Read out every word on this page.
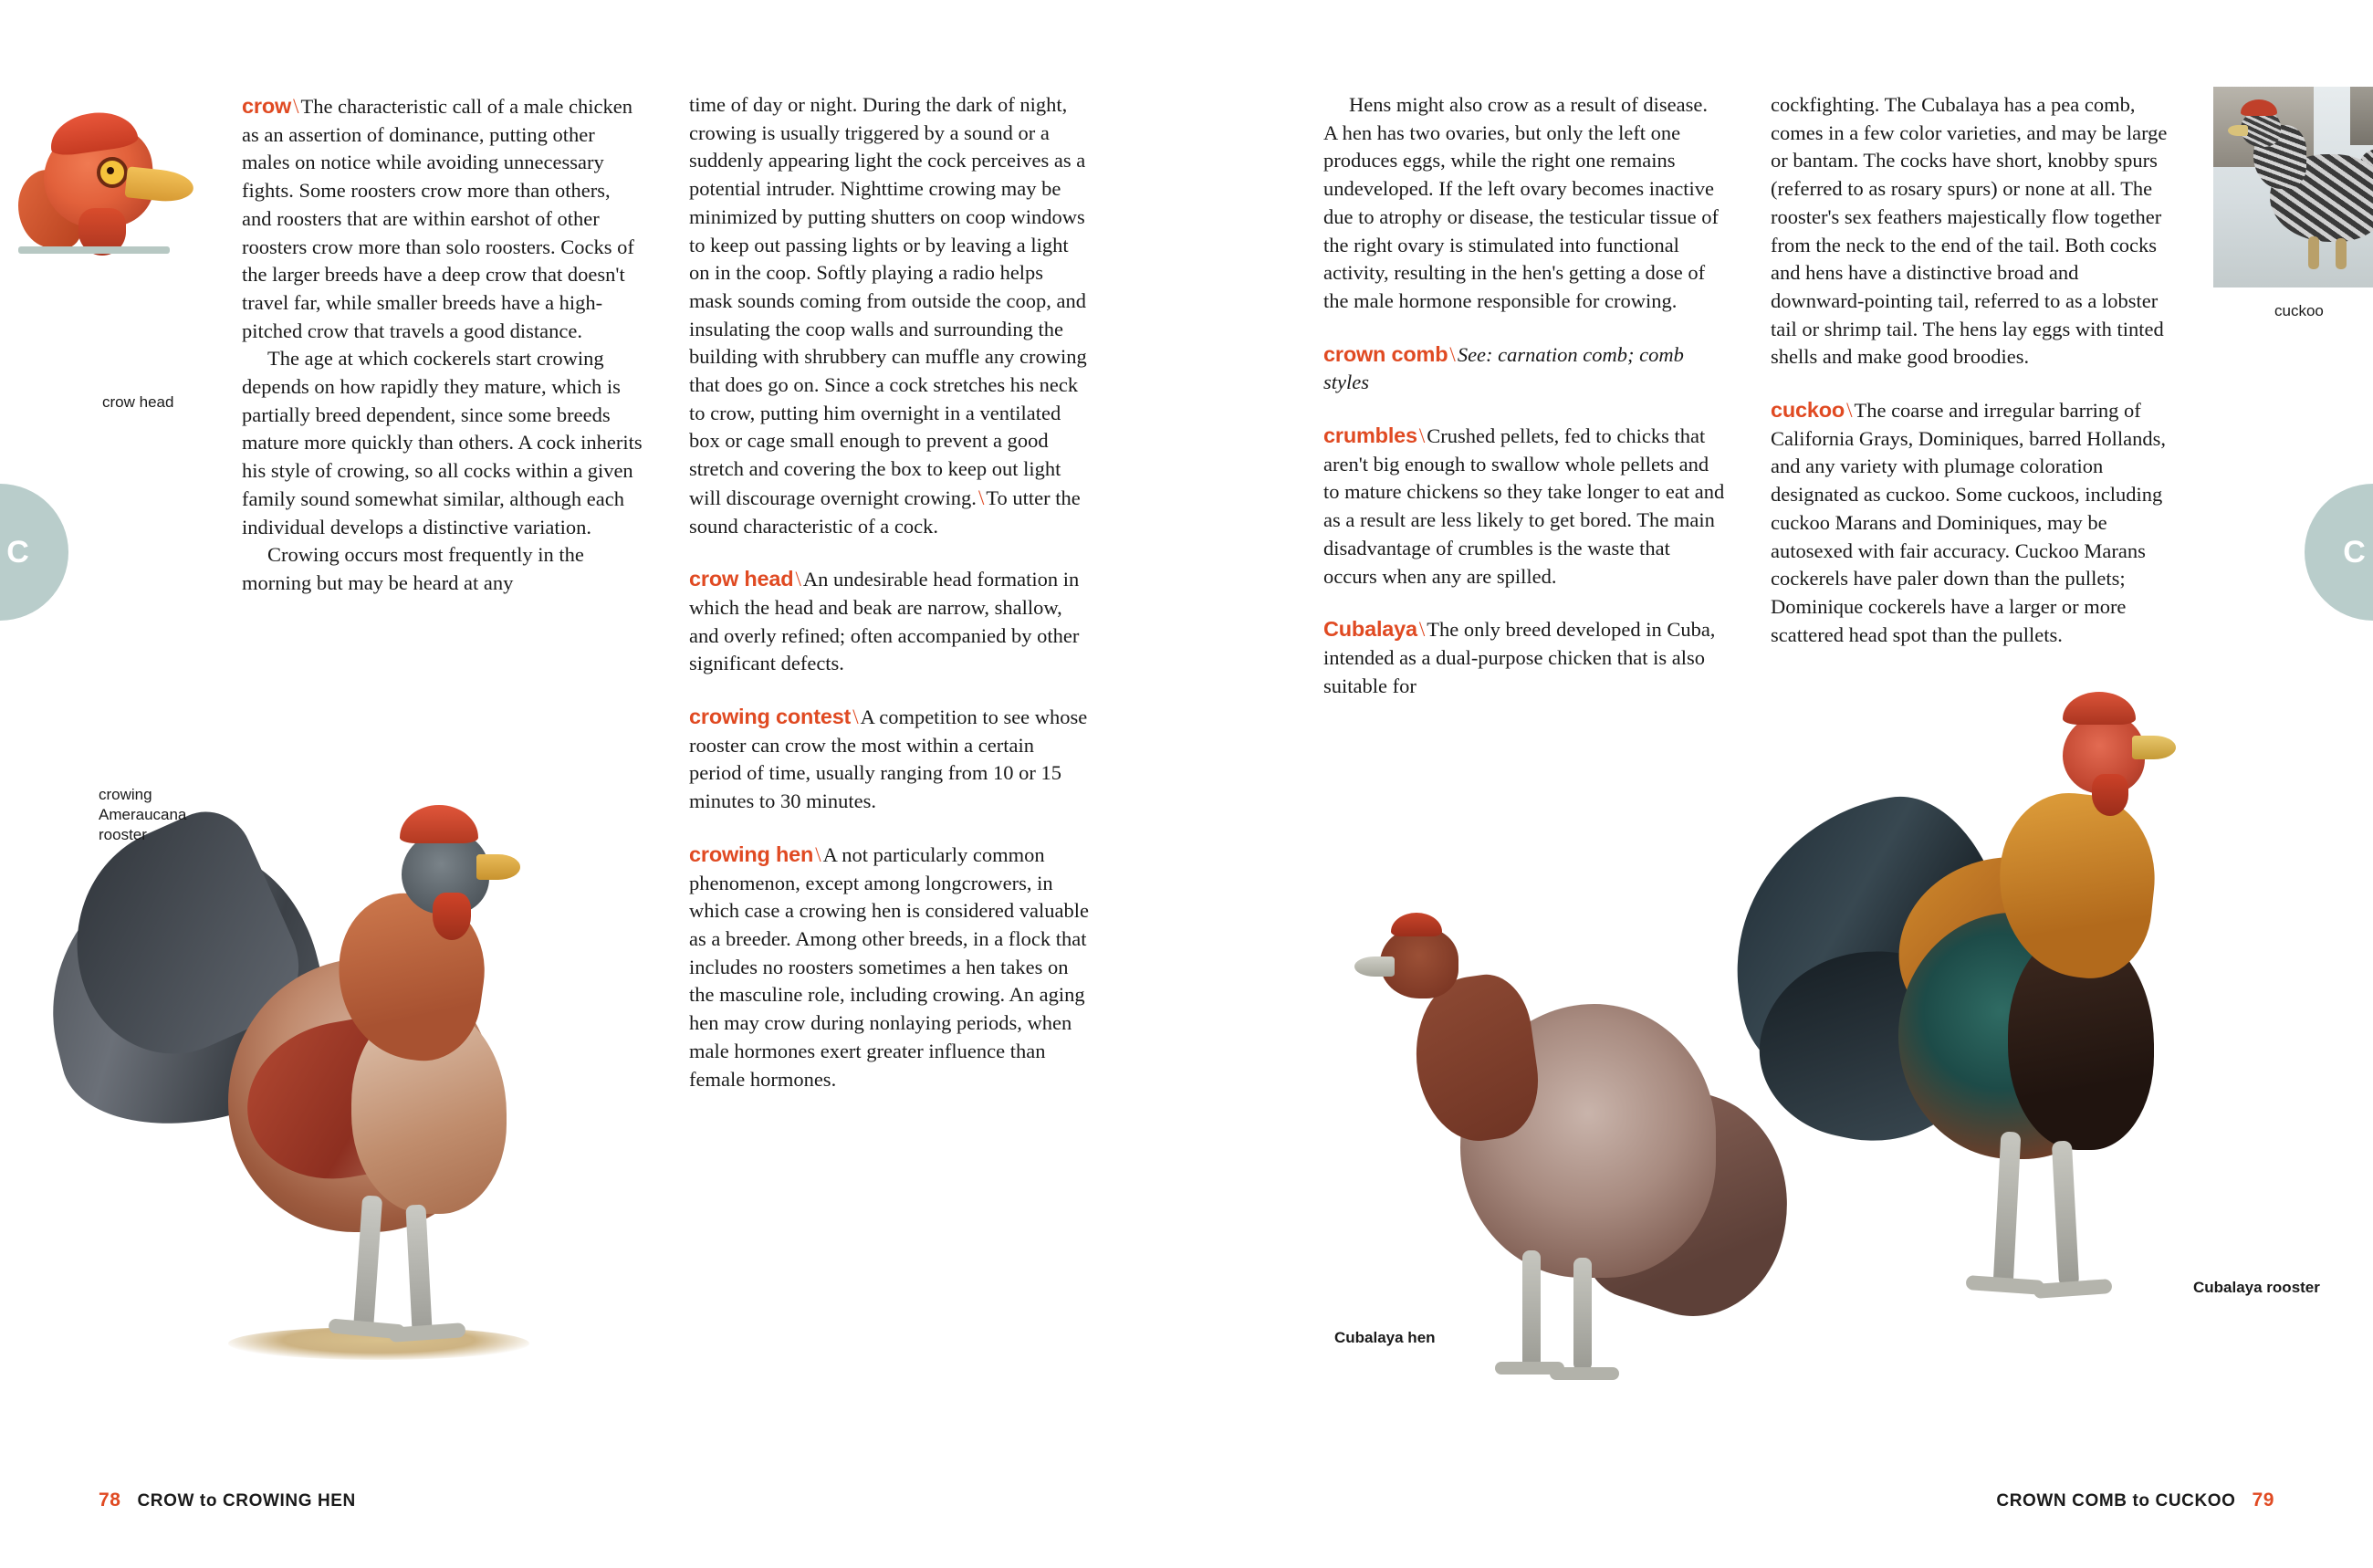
C
crow head
crowing
Ameraucana
rooster

crow\The characteristic call of a male chicken as an assertion of dominance, putting other males on notice while avoiding unnecessary fights. Some roosters crow more than others, and roosters that are within earshot of other roosters crow more than solo roosters. Cocks of the larger breeds have a deep crow that doesn't travel far, while smaller breeds have a high-pitched crow that travels a good distance.

The age at which cockerels start crowing depends on how rapidly they mature, which is partially breed dependent, since some breeds mature more quickly than others. A cock inherits his style of crowing, so all cocks within a given family sound somewhat similar, although each individual develops a distinctive variation.

Crowing occurs most frequently in the morning but may be heard at any

time of day or night. During the dark of night, crowing is usually triggered by a sound or a suddenly appearing light the cock perceives as a potential intruder. Nighttime crowing may be minimized by putting shutters on coop windows to keep out passing lights or by leaving a light on in the coop. Softly playing a radio helps mask sounds coming from outside the coop, and insulating the coop walls and surrounding the building with shrubbery can muffle any crowing that does go on. Since a cock stretches his neck to crow, putting him overnight in a ventilated box or cage small enough to prevent a good stretch and covering the box to keep out light will discourage overnight crowing.\To utter the sound characteristic of a cock.

crow head\An undesirable head formation in which the head and beak are narrow, shallow, and overly refined; often accompanied by other significant defects.

crowing contest\A competition to see whose rooster can crow the most within a certain period of time, usually ranging from 10 or 15 minutes to 30 minutes.

crowing hen\A not particularly common phenomenon, except among longcrowers, in which case a crowing hen is considered valuable as a breeder. Among other breeds, in a flock that includes no roosters sometimes a hen takes on the masculine role, including crowing. An aging hen may crow during nonlaying periods, when male hormones exert greater influence than female hormones.

78 CROW to CROWING HEN
C
cuckoo
Cubalaya hen
Cubalaya rooster

Hens might also crow as a result of disease. A hen has two ovaries, but only the left one produces eggs, while the right one remains undeveloped. If the left ovary becomes inactive due to atrophy or disease, the testicular tissue of the right ovary is stimulated into functional activity, resulting in the hen's getting a dose of the male hormone responsible for crowing.

crown comb\See: carnation comb; comb styles

crumbles\Crushed pellets, fed to chicks that aren't big enough to swallow whole pellets and to mature chickens so they take longer to eat and as a result are less likely to get bored. The main disadvantage of crumbles is the waste that occurs when any are spilled.

Cubalaya\The only breed developed in Cuba, intended as a dual-purpose chicken that is also suitable for

cockfighting. The Cubalaya has a pea comb, comes in a few color varieties, and may be large or bantam. The cocks have short, knobby spurs (referred to as rosary spurs) or none at all. The rooster's sex feathers majestically flow together from the neck to the end of the tail. Both cocks and hens have a distinctive broad and downward-pointing tail, referred to as a lobster tail or shrimp tail. The hens lay eggs with tinted shells and make good broodies.

cuckoo\The coarse and irregular barring of California Grays, Dominiques, barred Hollands, and any variety with plumage coloration designated as cuckoo. Some cuckoos, including cuckoo Marans and Dominiques, may be autosexed with fair accuracy. Cuckoo Marans cockerels have paler down than the pullets; Dominique cockerels have a larger or more scattered head spot than the pullets.

CROWN COMB to CUCKOO 79
